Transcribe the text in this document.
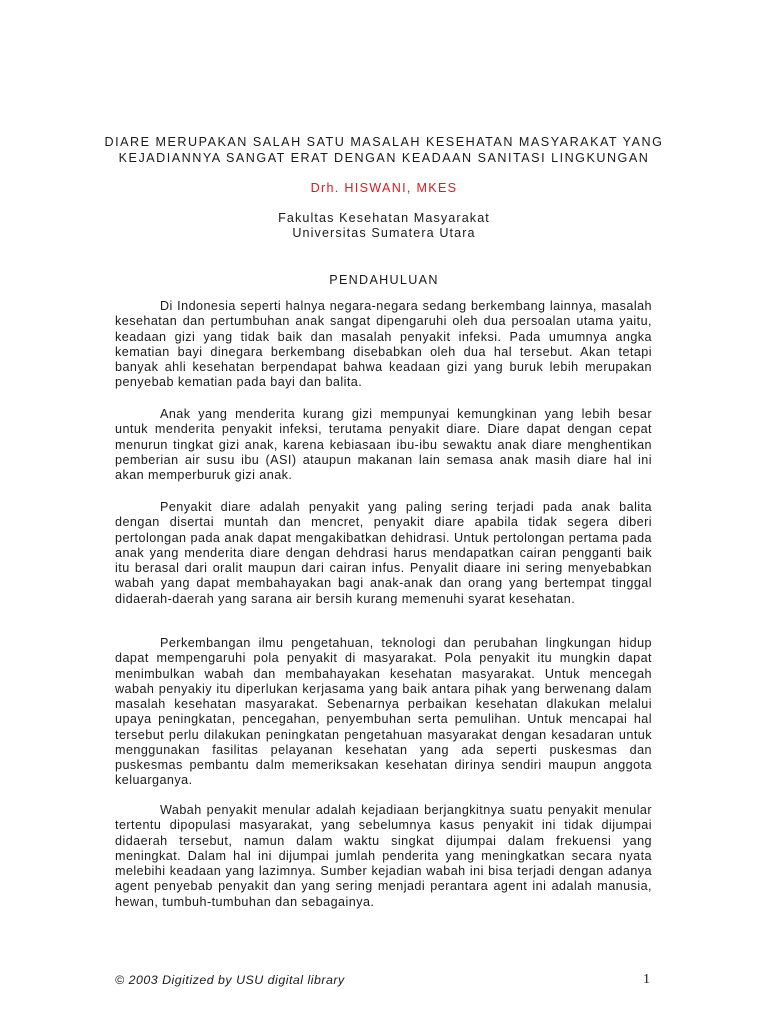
DIARE MERUPAKAN SALAH SATU MASALAH KESEHATAN MASYARAKAT YANG
KEJADIANNYA SANGAT ERAT DENGAN KEADAAN SANITASI LINGKUNGAN
Drh. HISWANI, MKES
Fakultas Kesehatan Masyarakat
Universitas Sumatera Utara
PENDAHULUAN

Di Indonesia seperti halnya negara-negara sedang berkembang lainnya, masalah kesehatan dan pertumbuhan anak sangat dipengaruhi oleh dua persoalan utama yaitu, keadaan gizi yang tidak baik dan masalah penyakit infeksi. Pada umumnya angka kematian bayi dinegara berkembang disebabkan oleh dua hal tersebut. Akan tetapi banyak ahli kesehatan berpendapat bahwa keadaan gizi yang buruk lebih merupakan penyebab kematian pada bayi dan balita.

Anak yang menderita kurang gizi mempunyai kemungkinan yang lebih besar untuk menderita penyakit infeksi, terutama penyakit diare. Diare dapat dengan cepat menurun tingkat gizi anak, karena kebiasaan ibu-ibu sewaktu anak diare menghentikan pemberian air susu ibu (ASI) ataupun makanan lain semasa anak masih diare hal ini akan memperburuk gizi anak.

Penyakit diare adalah penyakit yang paling sering terjadi pada anak balita dengan disertai muntah dan mencret, penyakit diare apabila tidak segera diberi pertolongan pada anak dapat mengakibatkan dehidrasi. Untuk pertolongan pertama pada anak yang menderita diare dengan dehdrasi harus mendapatkan cairan pengganti baik itu berasal dari oralit maupun dari cairan infus. Penyalit diaare ini sering menyebabkan wabah yang dapat membahayakan bagi anak-anak dan orang yang bertempat tinggal didaerah-daerah yang sarana air bersih kurang memenuhi syarat kesehatan.

Perkembangan ilmu pengetahuan, teknologi dan perubahan lingkungan hidup dapat mempengaruhi pola penyakit di masyarakat. Pola penyakit itu mungkin dapat menimbulkan wabah dan membahayakan kesehatan masyarakat. Untuk mencegah wabah penyakiy itu diperlukan kerjasama yang baik antara pihak yang berwenang dalam masalah kesehatan masyarakat. Sebenarnya perbaikan kesehatan dlakukan melalui upaya peningkatan, pencegahan, penyembuhan serta pemulihan. Untuk mencapai hal tersebut perlu dilakukan peningkatan pengetahuan masyarakat dengan kesadaran untuk menggunakan fasilitas pelayanan kesehatan yang ada seperti puskesmas dan puskesmas pembantu dalm memeriksakan kesehatan dirinya sendiri maupun anggota keluarganya.

Wabah penyakit menular adalah kejadiaan berjangkitnya suatu penyakit menular tertentu dipopulasi masyarakat, yang sebelumnya kasus penyakit ini tidak dijumpai didaerah tersebut, namun dalam waktu singkat dijumpai dalam frekuensi yang meningkat. Dalam hal ini dijumpai jumlah penderita yang meningkatkan secara nyata melebihi keadaan yang lazimnya. Sumber kejadian wabah ini bisa terjadi dengan adanya agent penyebab penyakit dan yang sering menjadi perantara agent ini adalah manusia, hewan, tumbuh-tumbuhan dan sebagainya.

© 2003 Digitized by USU digital library	1
